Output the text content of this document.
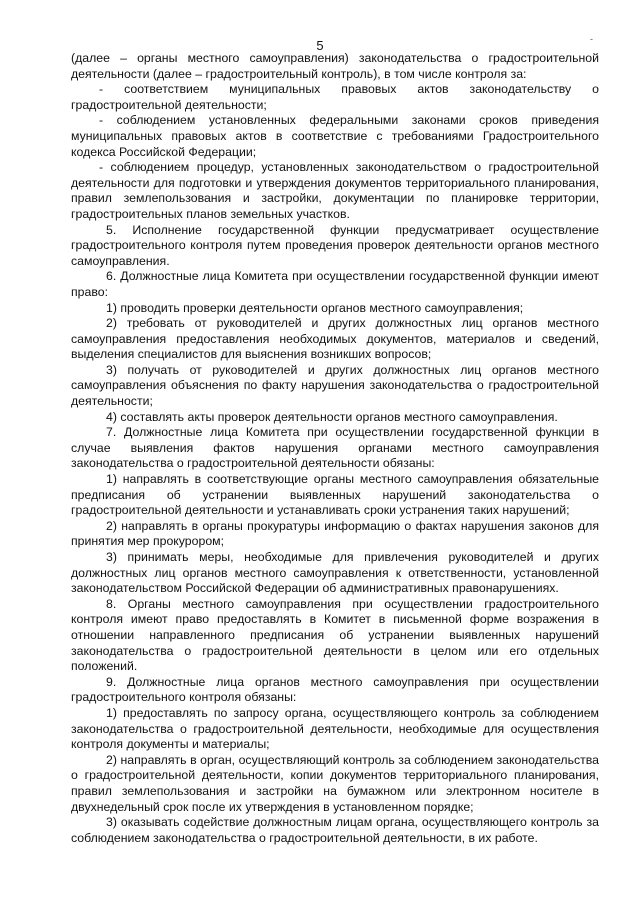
5	-

(далее – органы местного самоуправления) законодательства о градостроительной деятельности (далее – градостроительный контроль), в том числе контроля за:

- соответствием муниципальных правовых актов законодательству о градостроительной деятельности;

- соблюдением установленных федеральными законами сроков приведения муниципальных правовых актов в соответствие с требованиями Градостроительного кодекса Российской Федерации;

- соблюдением процедур, установленных законодательством о градостроительной деятельности для подготовки и утверждения документов территориального планирования, правил землепользования и застройки, документации по планировке территории, градостроительных планов земельных участков.

5. Исполнение государственной функции предусматривает осуществление градостроительного контроля путем проведения проверок деятельности органов местного самоуправления.

6. Должностные лица Комитета при осуществлении государственной функции имеют право:

1) проводить проверки деятельности органов местного самоуправления;

2) требовать от руководителей и других должностных лиц органов местного самоуправления предоставления необходимых документов, материалов и сведений, выделения специалистов для выяснения возникших вопросов;

3) получать от руководителей и других должностных лиц органов местного самоуправления объяснения по факту нарушения законодательства о градостроительной деятельности;

4) составлять акты проверок деятельности органов местного самоуправления.

7. Должностные лица Комитета при осуществлении государственной функции в случае выявления фактов нарушения органами местного самоуправления законодательства о градостроительной деятельности обязаны:

1) направлять в соответствующие органы местного самоуправления обязательные предписания об устранении выявленных нарушений законодательства о градостроительной деятельности и устанавливать сроки устранения таких нарушений;

2) направлять в органы прокуратуры информацию о фактах нарушения законов для принятия мер прокурором;

3) принимать меры, необходимые для привлечения руководителей и других должностных лиц органов местного самоуправления к ответственности, установленной законодательством Российской Федерации об административных правонарушениях.

8. Органы местного самоуправления при осуществлении градостроительного контроля имеют право предоставлять в Комитет в письменной форме возражения в отношении направленного предписания об устранении выявленных нарушений законодательства о градостроительной деятельности в целом или его отдельных положений.

9. Должностные лица органов местного самоуправления при осуществлении градостроительного контроля обязаны:

1) предоставлять по запросу органа, осуществляющего контроль за соблюдением законодательства о градостроительной деятельности, необходимые для осуществления контроля документы и материалы;

2) направлять в орган, осуществляющий контроль за соблюдением законодательства о градостроительной деятельности, копии документов территориального планирования, правил землепользования и застройки на бумажном или электронном носителе в двухнедельный срок после их утверждения в установленном порядке;

3) оказывать содействие должностным лицам органа, осуществляющего контроль за соблюдением законодательства о градостроительной деятельности, в их работе.
